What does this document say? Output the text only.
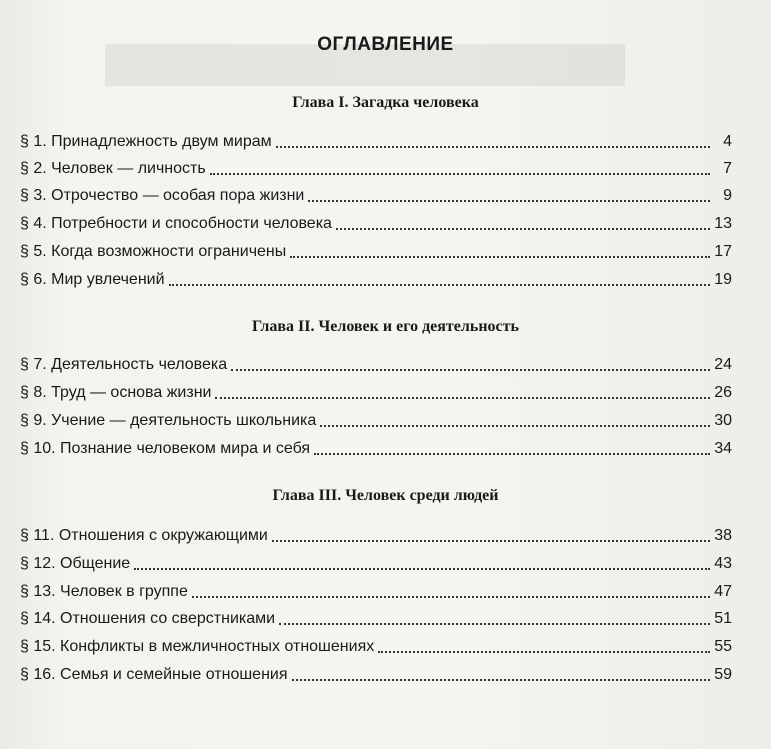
ОГЛАВЛЕНИЕ
Глава I. Загадка человека
§ 1. Принадлежность двум мирам	4
§ 2. Человек — личность	7
§ 3. Отрочество — особая пора жизни	9
§ 4. Потребности и способности человека	13
§ 5. Когда возможности ограничены	17
§ 6. Мир увлечений	19
Глава II. Человек и его деятельность
§ 7. Деятельность человека	24
§ 8. Труд — основа жизни	26
§ 9. Учение — деятельность школьника	30
§ 10. Познание человеком мира и себя	34
Глава III. Человек среди людей
§ 11. Отношения с окружающими	38
§ 12. Общение	43
§ 13. Человек в группе	47
§ 14. Отношения со сверстниками	51
§ 15. Конфликты в межличностных отношениях	55
§ 16. Семья и семейные отношения	59
